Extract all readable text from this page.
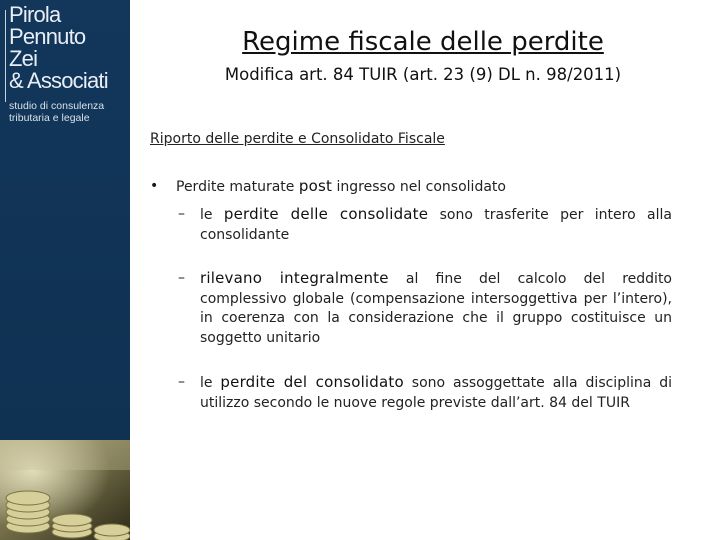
Pirola
Pennuto
Zei
& Associati
studio di consulenza
tributaria e legale
Regime fiscale delle perdite
Modifica art. 84 TUIR (art. 23 (9) DL n. 98/2011)
Riporto delle perdite e Consolidato Fiscale
• Perdite maturate post ingresso nel consolidato
– le perdite delle consolidate sono trasferite per intero alla consolidante
– rilevano integralmente al fine del calcolo del reddito complessivo globale (compensazione intersoggettiva per l’intero), in coerenza con la considerazione che il gruppo costituisce un soggetto unitario
– le perdite del consolidato sono assoggettate alla disciplina di utilizzo secondo le nuove regole previste dall’art. 84 del TUIR
